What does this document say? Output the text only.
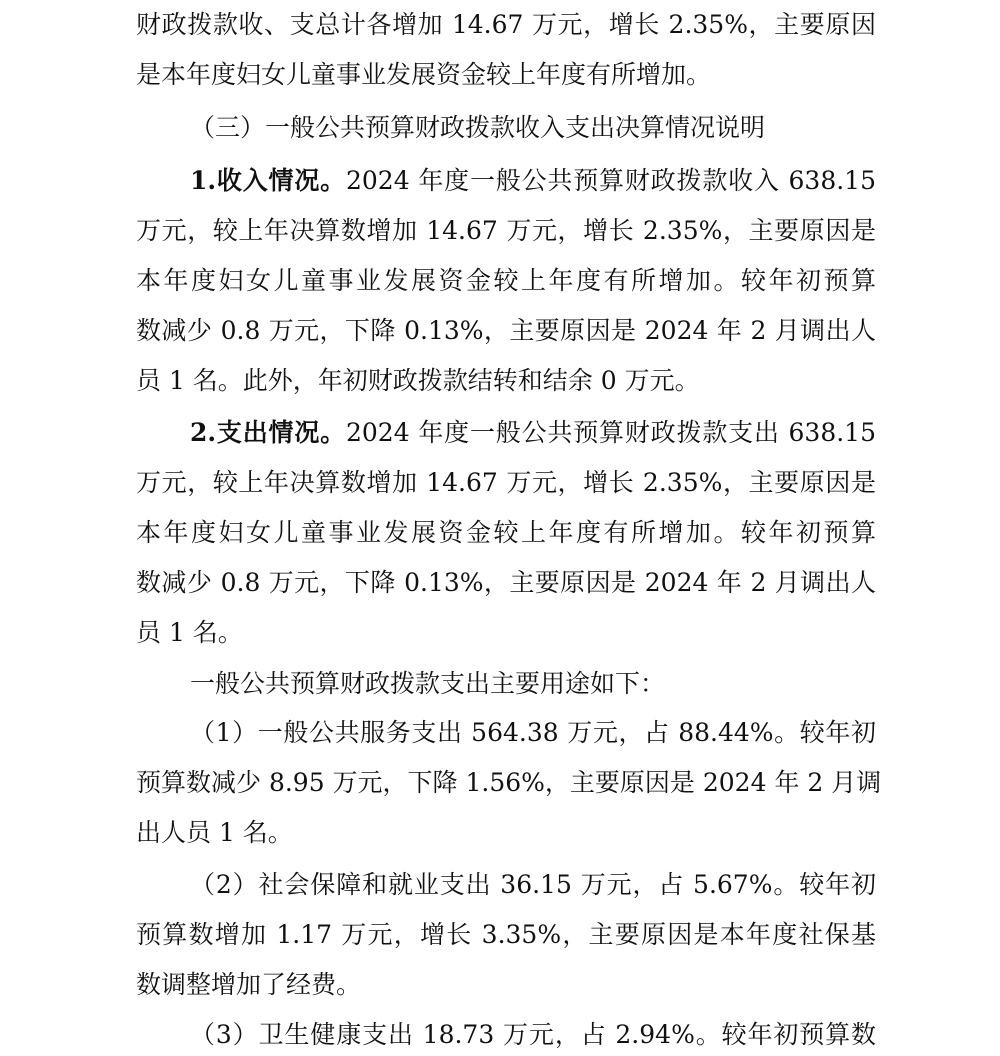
财政拨款收、支总计各增加 14.67 万元，增长 2.35%，主要原因
是本年度妇女儿童事业发展资金较上年度有所增加。
（三）一般公共预算财政拨款收入支出决算情况说明
1.收入情况。2024 年度一般公共预算财政拨款收入 638.15
万元，较上年决算数增加 14.67 万元，增长 2.35%，主要原因是
本年度妇女儿童事业发展资金较上年度有所增加。较年初预算
数减少 0.8 万元，下降 0.13%，主要原因是 2024 年 2 月调出人
员 1 名。此外，年初财政拨款结转和结余 0 万元。
2.支出情况。2024 年度一般公共预算财政拨款支出 638.15
万元，较上年决算数增加 14.67 万元，增长 2.35%，主要原因是
本年度妇女儿童事业发展资金较上年度有所增加。较年初预算
数减少 0.8 万元，下降 0.13%，主要原因是 2024 年 2 月调出人
员 1 名。
一般公共预算财政拨款支出主要用途如下：
（1）一般公共服务支出 564.38 万元，占 88.44%。较年初
预算数减少 8.95 万元，下降 1.56%，主要原因是 2024 年 2 月调
出人员 1 名。
（2）社会保障和就业支出 36.15 万元，占 5.67%。较年初
预算数增加 1.17 万元，增长 3.35%，主要原因是本年度社保基
数调整增加了经费。
（3）卫生健康支出 18.73 万元，占 2.94%。较年初预算数
